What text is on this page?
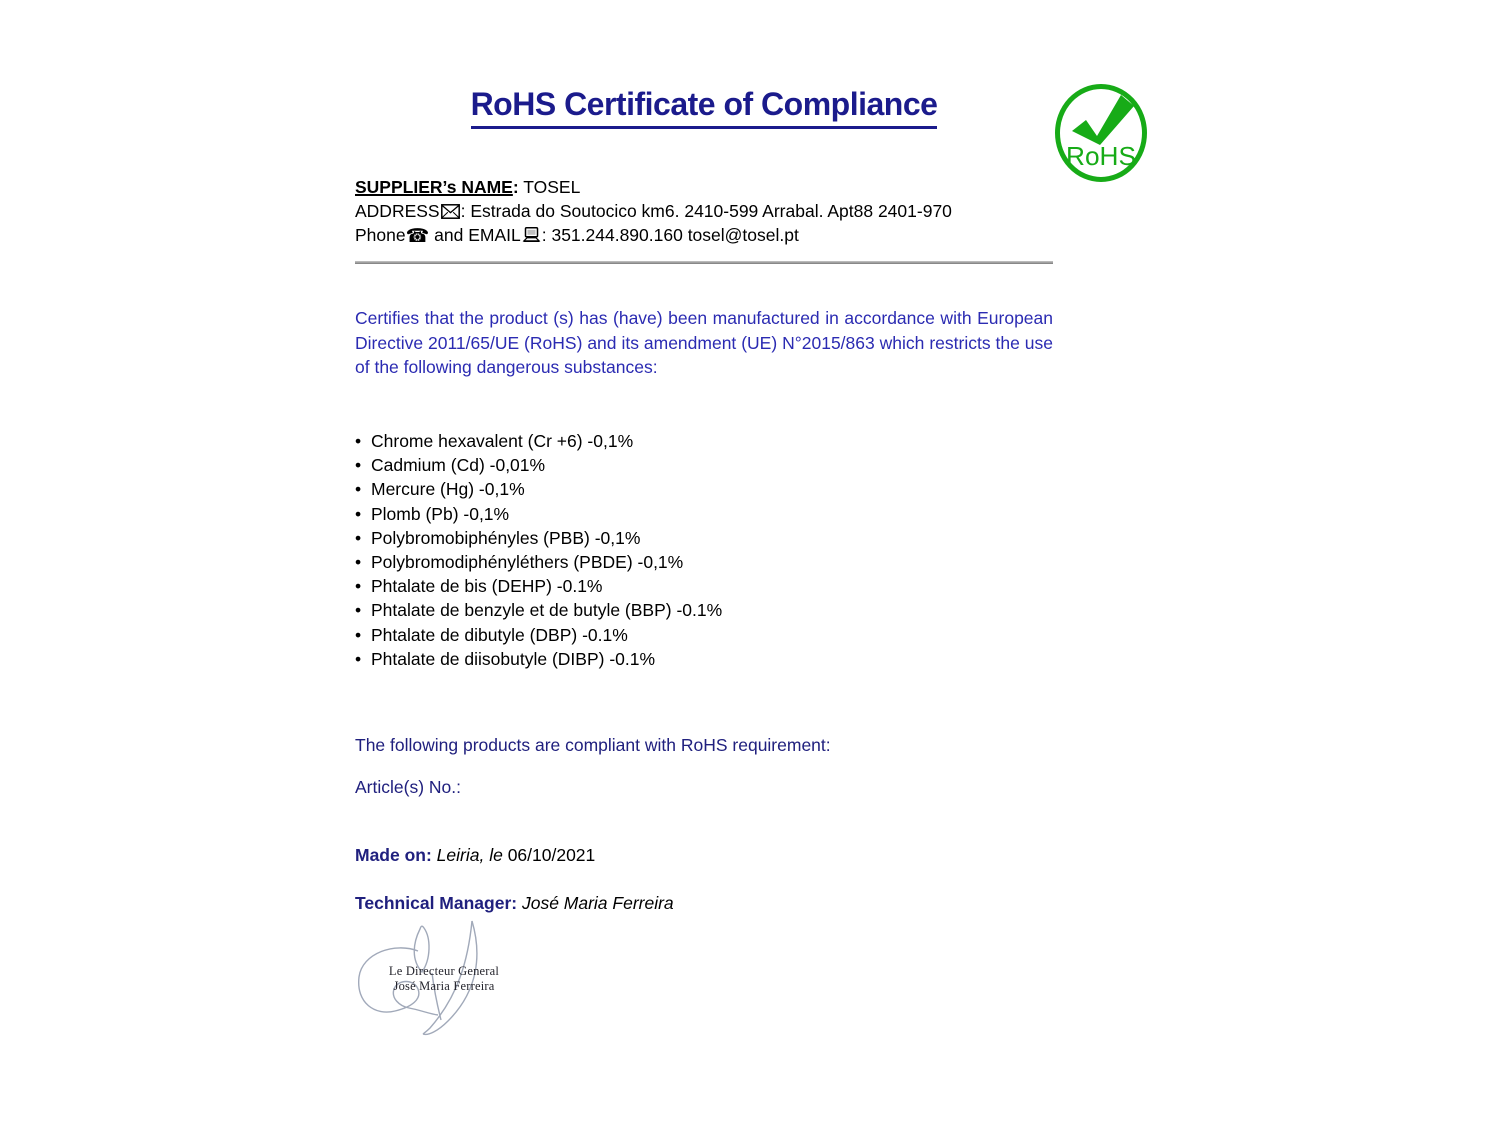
RoHS Certificate of Compliance
RoHS
SUPPLIER’s NAME: TOSEL
ADDRESS : Estrada do Soutocico km6. 2410-599 Arrabal. Apt88 2401-970
Phone☎ and EMAIL : 351.244.890.160 tosel@tosel.pt

Certifies that the product (s) has (have) been manufactured in accordance with European Directive 2011/65/UE (RoHS) and its amendment (UE) N°2015/863 which restricts the use of the following dangerous substances:

• Chrome hexavalent (Cr +6) -0,1%
• Cadmium (Cd) -0,01%
• Mercure (Hg) -0,1%
• Plomb (Pb) -0,1%
• Polybromobiphényles (PBB) -0,1%
• Polybromodiphényléthers (PBDE) -0,1%
• Phtalate de bis (DEHP) -0.1%
• Phtalate de benzyle et de butyle (BBP) -0.1%
• Phtalate de dibutyle (DBP) -0.1%
• Phtalate de diisobutyle (DIBP) -0.1%
The following products are compliant with RoHS requirement:
Article(s) No.:
Made on: Leiria, le 06/10/2021
Technical Manager: José Maria Ferreira
Le Directeur General
José Maria Ferreira
